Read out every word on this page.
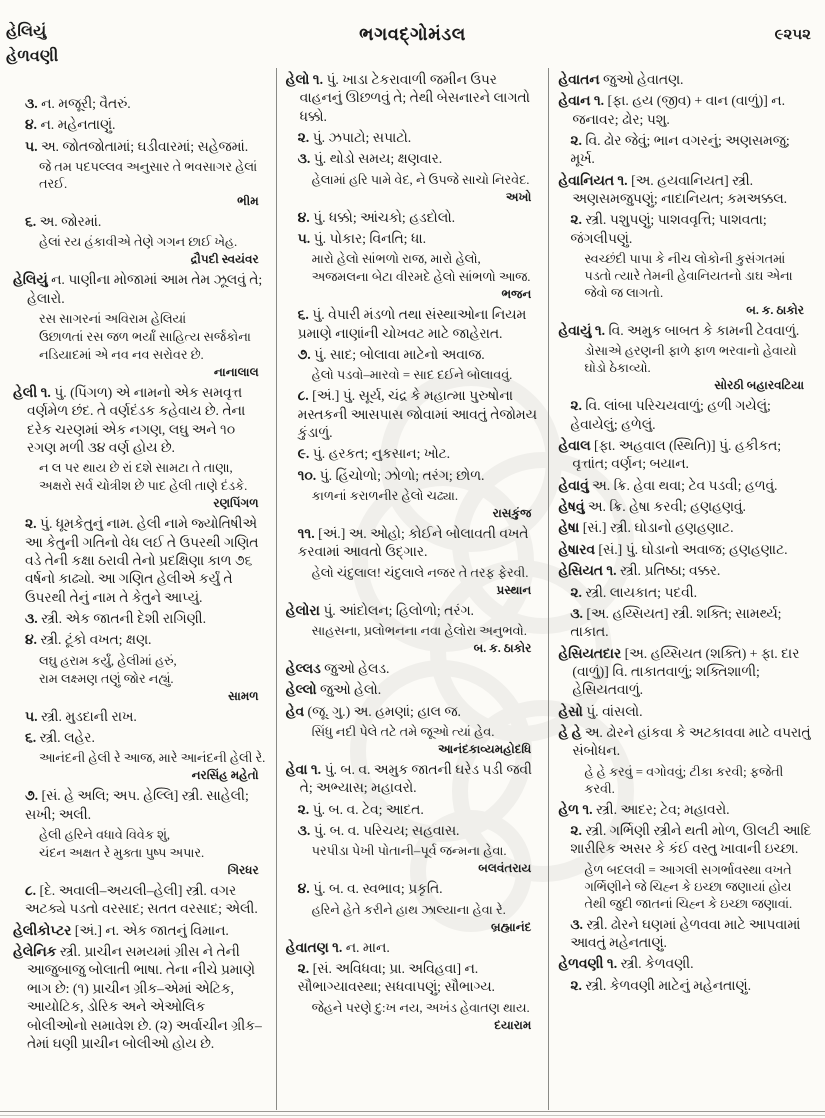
હેલિયું
હેળવણી
ભગવદ્ગોમંડલ	૯૨૫૨

૩. ન. મજૂરી; વૈતરું.

૪. ન. મહેનતાણું.

૫. અ. જોતજોતામાં; ઘડીવારમાં; સહેજમાં.

જે તમ પદપલ્લવ અનુસાર તે ભવસાગર હેલાં તરઈ.

ભીમ

૬. અ. જોરમાં.

હેલાં રય હંકાવીએ તેણે ગગન છાઈ ખેહ.

દ્રૌપદી સ્વયંવર

હેલિયું ન. પાણીના મોજામાં આમ તેમ ઝૂલવું તે; હેલારો.

રસ સાગરનાં અવિરામ હેલિયાં

ઉછાળતાં રસ જળ ભર્યાં સાહિત્ય સર્જકોના

નડિયાદમાં એ નવ નવ સરોવર છે.

નાનાલાલ

હેલી ૧. પું. (પિંગળ) એ નામનો એક સમવૃત્ત વર્ણમેળ છંદ. તે વર્ણદંડક કહેવાય છે. તેના દરેક ચરણમાં એક નગણ, લઘુ અને ૧૦ રગણ મળી ૩૪ વર્ણ હોય છે.

ન લ પર થાય છે રાં દશે સામટા તે તાણા,

અક્ષરો સર્વ ચોત્રીશ છે પાદ હેલી તાણે દંડકે.

રણપિંગળ

૨. પું. ધૂમકેતુનું નામ. હેલી નામે જ્યોતિષીએ આ કેતુની ગતિનો વેધ લઈ તે ઉપરથી ગણિત વડે તેની કક્ષા ઠરાવી તેનો પ્રદક્ષિણા કાળ ૭૬ વર્ષનો કાઢ્યો. આ ગણિત હેલીએ કર્યું તે ઉપરથી તેનું નામ તે કેતુને આપ્યું.

૩. સ્ત્રી. એક જાતની દેશી રાગિણી.

૪. સ્ત્રી. ટૂંકો વખત; ક્ષણ.

લઘુ હરામ કર્યું, હેલીમાં હરું,

રામ લક્ષ્મણ તણું જોર નહ્યું.

સામળ

૫. સ્ત્રી. મુડદાની રાખ.

૬. સ્ત્રી. લહેર.

આનંદની હેલી રે આજ, મારે આનંદની હેલી રે.

નરસિંહ મહેતો

૭. [સં. હે અલિ; અપ. હેલ્લિ] સ્ત્રી. સાહેલી; સખી; અલી.

હેલી હરિને વધાવે વિવેક શું,

ચંદન અક્ષત રે મુક્તા પુષ્પ અપાર.

ગિરધર

૮. [દે. અવાલી–અયલી–હેલી] સ્ત્રી. વગર અટક્યે પડતો વરસાદ; સતત વરસાદ; એલી.

હેલીકોપ્ટર [અં.] ન. એક જાતનું વિમાન.

હેલેનિક સ્ત્રી. પ્રાચીન સમયમાં ગ્રીસ ને તેની આજુબાજુ બોલાતી ભાષા. તેના નીચે પ્રમાણે ભાગ છે: (૧) પ્રાચીન ગ્રીક–એમાં એટિક, આયોટિક, ડોરિક અને એઓલિક બોલીઓનો સમાવેશ છે. (૨) અર્વાચીન ગ્રીક–તેમાં ઘણી પ્રાચીન બોલીઓ હોય છે.

હેલો ૧. પું. ખાડા ટેકરાવાળી જમીન ઉપર વાહનનું ઊછળવું તે; તેથી બેસનારને લાગતો ધક્કો.

૨. પું. ઝપાટો; સપાટો.

૩. પું. થોડો સમય; ક્ષણવાર.

હેલામાં હરિ પામે વેદ, ને ઉપજે સાચો નિરવેદ.

અખો

૪. પું. ધક્કો; આંચકો; હડદોલો.

૫. પું. પોકાર; વિનતિ; ધા.

મારો હેલો સાંભળો રાજ, મારો હેલો,

અજમલના બેટા વીરમદે હેલો સાંભળો આજ.

ભજન

૬. પું. વેપારી મંડળો તથા સંસ્થાઓના નિયમ પ્રમાણે નાણાંની ચોખવટ માટે જાહેરાત.

૭. પું. સાદ; બોલાવા માટેનો અવાજ.

હેલો પડવો–મારવો = સાદ દઈને બોલાવવું.

૮. [અં.] પું. સૂર્ય, ચંદ્ર કે મહાત્મા પુરુષોના મસ્તકની આસપાસ જોવામાં આવતું તેજોમય કુંડાળું.

૯. પું. હરકત; નુકસાન; ખોટ.

૧૦. પું. હિંચોળો; ઝોળો; તરંગ; છોળ.

કાળનાં કરાળનીર હેલો ચઢ્યા.

રાસકુંજ

૧૧. [અં.] અ. ઓહો; કોઈને બોલાવતી વખતે કરવામાં આવતો ઉદ્ગાર.

હેલો ચંદુલાલ! ચંદુલાલે નજર તે તરફ ફેરવી.

પ્રસ્થાન

હેલોરા પું. આંદોલન; હિલોળો; તરંગ.

સાહસના, પ્રલોભનના નવા હેલોરા અનુભવો.

બ. ક. ઠાકોર

હેલ્લડ જુઓ હેલડ.

હેલ્લો જુઓ હેલો.

હેવ (જૂ. ગુ.) અ. હમણાં; હાલ જ.

સિંધુ નદી પેલે તટે તમે જૂઓ ત્યાં હેવ.

આનંદકાવ્યમહોદધિ

હેવા ૧. પું. બ. વ. અમુક જાતની ઘરેડ પડી જવી તે; અભ્યાસ; મહાવરો.

૨. પું. બ. વ. ટેવ; આદત.

૩. પું. બ. વ. પરિચય; સહવાસ.

પરપીડા પેખી પોતાની–પૂર્વ જન્મના હેવા.

બલવંતરાય

૪. પું. બ. વ. સ્વભાવ; પ્રકૃતિ.

હરિને હેતે કરીને હાથ ઝાલ્યાના હેવા રે.

બ્રહ્માનંદ

હેવાતણ ૧. ન. માન.

૨. [સં. અવિધવા; પ્રા. અવિહવા] ન. સૌભાગ્યાવસ્થા; સધવાપણું; સૌભાગ્ય.

જેહને પરણે દુ:ખ નય, અખંડ હેવાતણ થાય.

દયારામ

હેવાતન જુઓ હેવાતણ.

હેવાન ૧. [ફા. હય (જીવ) + વાન (વાળું)] ન. જનાવર; ઢોર; પશુ.

૨. વિ. ઢોર જેવું; ભાન વગરનું; અણસમજુ; મૂર્ખ.

હેવાનિયત ૧. [અ. હયવાનિયત] સ્ત્રી. અણસમજુપણું; નાદાનિયત; કમઅક્કલ.

૨. સ્ત્રી. પશુપણું; પાશવવૃત્તિ; પાશવતા; જંગલીપણું.

સ્વચ્છંદી પાપા કે નીચ લોકોની કુસંગતમાં પડતો ત્યારે તેમની હેવાનિયતનો ડાઘ એના જેવો જ લાગતો.

બ. ક. ઠાકોર

હેવાયું ૧. વિ. અમુક બાબત કે કામની ટેવવાળું.

ડોસાએ હરણની ફાળે ફાળ ભરવાનો હેવાયો ઘોડો ઠેકાવ્યો.

સોરઠી બહારવટિયા

૨. વિ. લાંબા પરિચયવાળું; હળી ગયેલું; હેવાયેલું; હળેલું.

હેવાલ [ફા. અહવાલ (સ્થિતિ)] પું. હકીકત; વૃત્તાંત; વર્ણન; બયાન.

હેવાવું અ. ક્રિ. હેવા થવા; ટેવ પડવી; હળવું.

હેષવું અ. ક્રિ. હેષા કરવી; હણહણવું.

હેષા [સં.] સ્ત્રી. ઘોડાનો હણહણાટ.

હેષારવ [સં.] પું. ઘોડાનો અવાજ; હણહણાટ.

હેસિયત ૧. સ્ત્રી. પ્રતિષ્ઠા; વક્કર.

૨. સ્ત્રી. લાયકાત; પદવી.

૩. [અ. હય્સિયત] સ્ત્રી. શક્તિ; સામર્થ્ય; તાકાત.

હેસિયતદાર [અ. હય્સિયત (શક્તિ) + ફા. દાર (વાળું)] વિ. તાકાતવાળું; શક્તિશાળી; હેસિયતવાળું.

હેસો પું. વાંસલો.

હે હે અ. ઢોરને હાંકવા કે અટકાવવા માટે વપરાતું સંબોધન.

હે હે કરવું = વગોવવું; ટીકા કરવી; ફજેતી કરવી.

હેળ ૧. સ્ત્રી. આદર; ટેવ; મહાવરો.

૨. સ્ત્રી. ગર્ભિણી સ્ત્રીને થતી મોળ, ઊલટી આદિ શારીરિક અસર કે કંઈ વસ્તુ ખાવાની ઇચ્છા.

હેળ બદલવી = આગલી સગર્ભાવસ્થા વખતે ગર્ભિણીને જે ચિહ્ન કે ઇચ્છા જણાયાં હોય તેથી જુદી જાતનાં ચિહ્ન કે ઇચ્છા જણાવાં.

૩. સ્ત્રી. ઢોરને ઘણમાં હેળવવા માટે આપવામાં આવતું મહેનતાણું.

હેળવણી ૧. સ્ત્રી. કેળવણી.

૨. સ્ત્રી. કેળવણી માટેનું મહેનતાણું.
